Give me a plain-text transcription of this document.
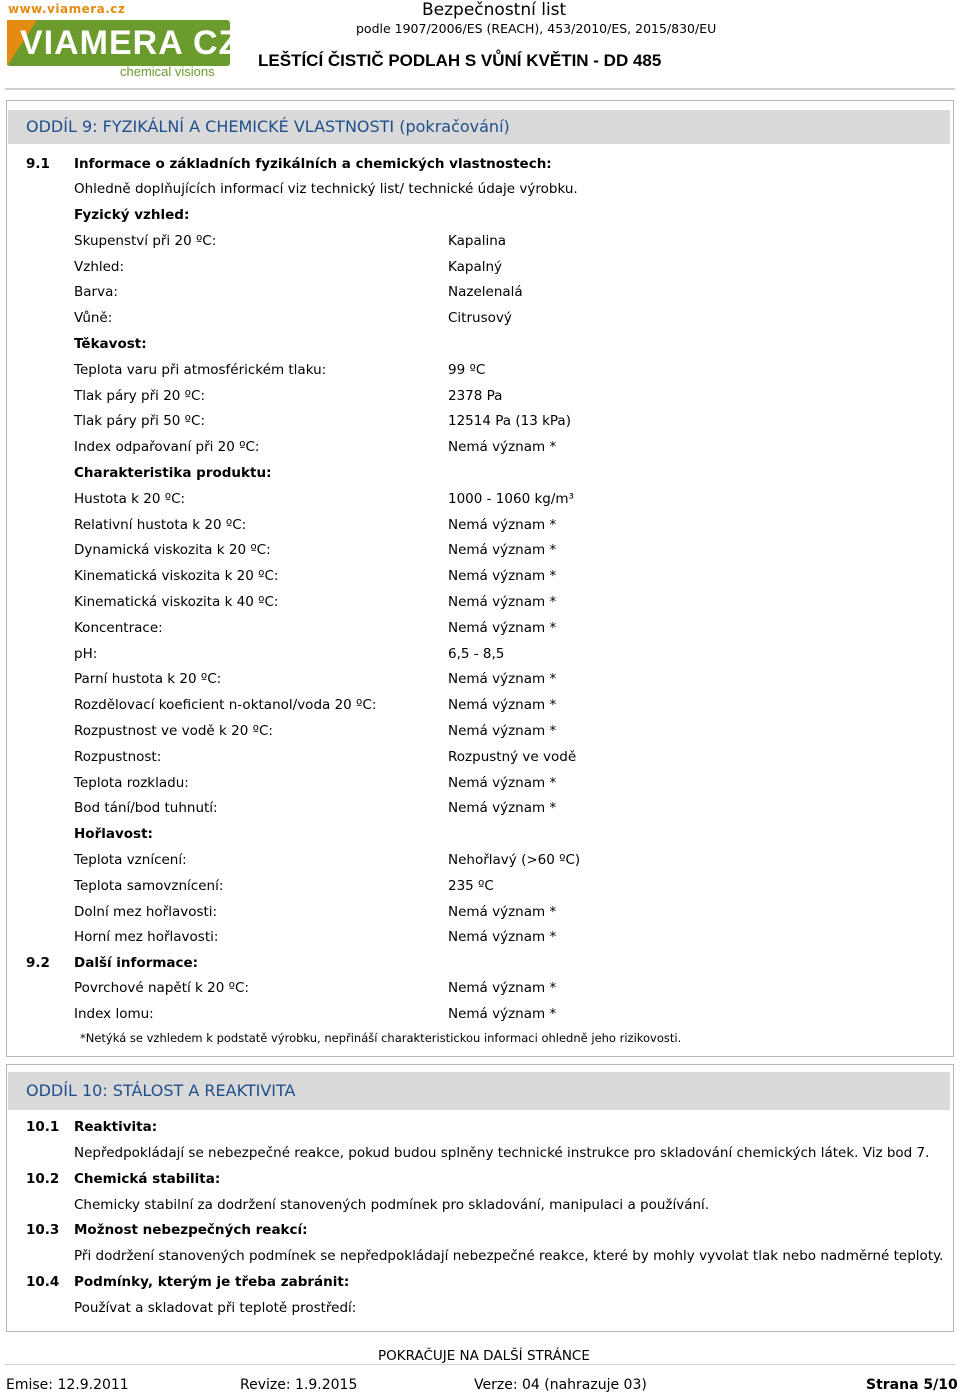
www.viamera.cz
VIAMERA CZ
chemical visions
Bezpečnostní list
podle 1907/2006/ES (REACH), 453/2010/ES, 2015/830/EU
LEŠTÍCÍ ČISTIČ PODLAH S VŮNÍ KVĚTIN - DD 485
ODDÍL 9: FYZIKÁLNÍ A CHEMICKÉ VLASTNOSTI (pokračování)
9.1 Informace o základních fyzikálních a chemických vlastnostech:
Ohledně doplňujících informací viz technický list/ technické údaje výrobku.
Fyzický vzhled:
Skupenství při 20 ºC:	Kapalina
Vzhled:	Kapalný
Barva:	Nazelenalá
Vůně:	Citrusový
Těkavost:
Teplota varu při atmosférickém tlaku:	99 ºC
Tlak páry při 20 ºC:	2378 Pa
Tlak páry při 50 ºC:	12514 Pa (13 kPa)
Index odpařovaní při 20 ºC:	Nemá význam *
Charakteristika produktu:
Hustota k 20 ºC:	1000 - 1060 kg/m³
Relativní hustota k 20 ºC:	Nemá význam *
Dynamická viskozita k 20 ºC:	Nemá význam *
Kinematická viskozita k 20 ºC:	Nemá význam *
Kinematická viskozita k 40 ºC:	Nemá význam *
Koncentrace:	Nemá význam *
pH:	6,5 - 8,5
Parní hustota k 20 ºC:	Nemá význam *
Rozdělovací koeficient n-oktanol/voda 20 ºC:	Nemá význam *
Rozpustnost ve vodě k 20 ºC:	Nemá význam *
Rozpustnost:	Rozpustný ve vodě
Teplota rozkladu:	Nemá význam *
Bod tání/bod tuhnutí:	Nemá význam *
Hořlavost:
Teplota vznícení:	Nehořlavý (>60 ºC)
Teplota samovznícení:	235 ºC
Dolní mez hořlavosti:	Nemá význam *
Horní mez hořlavosti:	Nemá význam *
9.2 Další informace:
Povrchové napětí k 20 ºC:	Nemá význam *
Index lomu:	Nemá význam *
*Netýká se vzhledem k podstatě výrobku, nepřináší charakteristickou informaci ohledně jeho rizikovosti.
ODDÍL 10: STÁLOST A REAKTIVITA
10.1 Reaktivita:
Nepředpokládají se nebezpečné reakce, pokud budou splněny technické instrukce pro skladování chemických látek. Viz bod 7.
10.2 Chemická stabilita:
Chemicky stabilní za dodržení stanovených podmínek pro skladování, manipulaci a používání.
10.3 Možnost nebezpečných reakcí:
Při dodržení stanovených podmínek se nepředpokládají nebezpečné reakce, které by mohly vyvolat tlak nebo nadměrné teploty.
10.4 Podmínky, kterým je třeba zabránit:
Používat a skladovat při teplotě prostředí:
POKRAČUJE NA DALŠÍ STRÁNCE
Emise: 12.9.2011	Revize: 1.9.2015	Verze: 04 (nahrazuje 03)	Strana 5/10
